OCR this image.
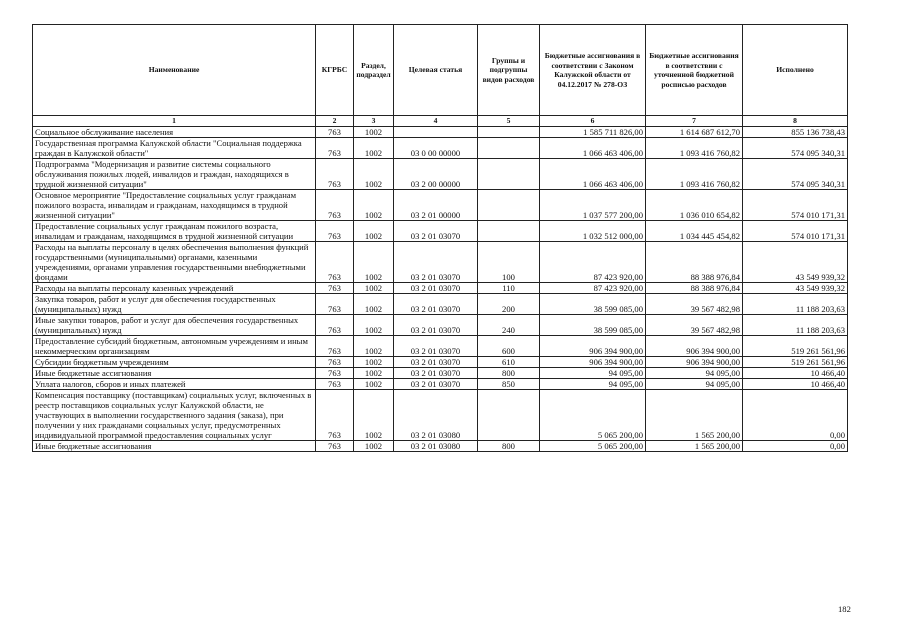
Наименование	КГРБС	Раздел, подраздел	Целевая статья	Группы и подгруппы видов расходов	Бюджетные ассигнования в соответствии с Законом Калужской области от 04.12.2017 № 278-ОЗ	Бюджетные ассигнования в соответствии с уточненной бюджетной росписью расходов	Исполнено
1	2	3	4	5	6	7	8
Социальное обслуживание населения	763	1002			1 585 711 826,00	1 614 687 612,70	855 136 738,43
Государственная программа Калужской области "Социальная поддержка граждан в Калужской области"	763	1002	03 0 00 00000		1 066 463 406,00	1 093 416 760,82	574 095 340,31
Подпрограмма "Модернизация и развитие системы социального обслуживания пожилых людей, инвалидов и граждан, находящихся в трудной жизненной ситуации"	763	1002	03 2 00 00000		1 066 463 406,00	1 093 416 760,82	574 095 340,31
Основное мероприятие "Предоставление социальных услуг гражданам пожилого возраста, инвалидам и гражданам, находящимся в трудной жизненной ситуации"	763	1002	03 2 01 00000		1 037 577 200,00	1 036 010 654,82	574 010 171,31
Предоставление социальных услуг гражданам пожилого возраста, инвалидам и гражданам, находящимся в трудной жизненной ситуации	763	1002	03 2 01 03070		1 032 512 000,00	1 034 445 454,82	574 010 171,31
Расходы на выплаты персоналу в целях обеспечения выполнения функций государственными (муниципальными) органами, казенными учреждениями, органами управления государственными внебюджетными фондами	763	1002	03 2 01 03070	100	87 423 920,00	88 388 976,84	43 549 939,32
Расходы на выплаты персоналу казенных учреждений	763	1002	03 2 01 03070	110	87 423 920,00	88 388 976,84	43 549 939,32
Закупка товаров, работ и услуг для обеспечения государственных (муниципальных) нужд	763	1002	03 2 01 03070	200	38 599 085,00	39 567 482,98	11 188 203,63
Иные закупки товаров, работ и услуг для обеспечения государственных (муниципальных) нужд	763	1002	03 2 01 03070	240	38 599 085,00	39 567 482,98	11 188 203,63
Предоставление субсидий бюджетным, автономным учреждениям и иным некоммерческим организациям	763	1002	03 2 01 03070	600	906 394 900,00	906 394 900,00	519 261 561,96
Субсидии бюджетным учреждениям	763	1002	03 2 01 03070	610	906 394 900,00	906 394 900,00	519 261 561,96
Иные бюджетные ассигнования	763	1002	03 2 01 03070	800	94 095,00	94 095,00	10 466,40
Уплата налогов, сборов и иных платежей	763	1002	03 2 01 03070	850	94 095,00	94 095,00	10 466,40
Компенсация поставщику (поставщикам) социальных услуг, включенных в реестр поставщиков социальных услуг Калужской области, не участвующих в выполнении государственного задания (заказа), при получении у них гражданами социальных услуг, предусмотренных индивидуальной программой предоставления социальных услуг	763	1002	03 2 01 03080		5 065 200,00	1 565 200,00	0,00
Иные бюджетные ассигнования	763	1002	03 2 01 03080	800	5 065 200,00	1 565 200,00	0,00
182
